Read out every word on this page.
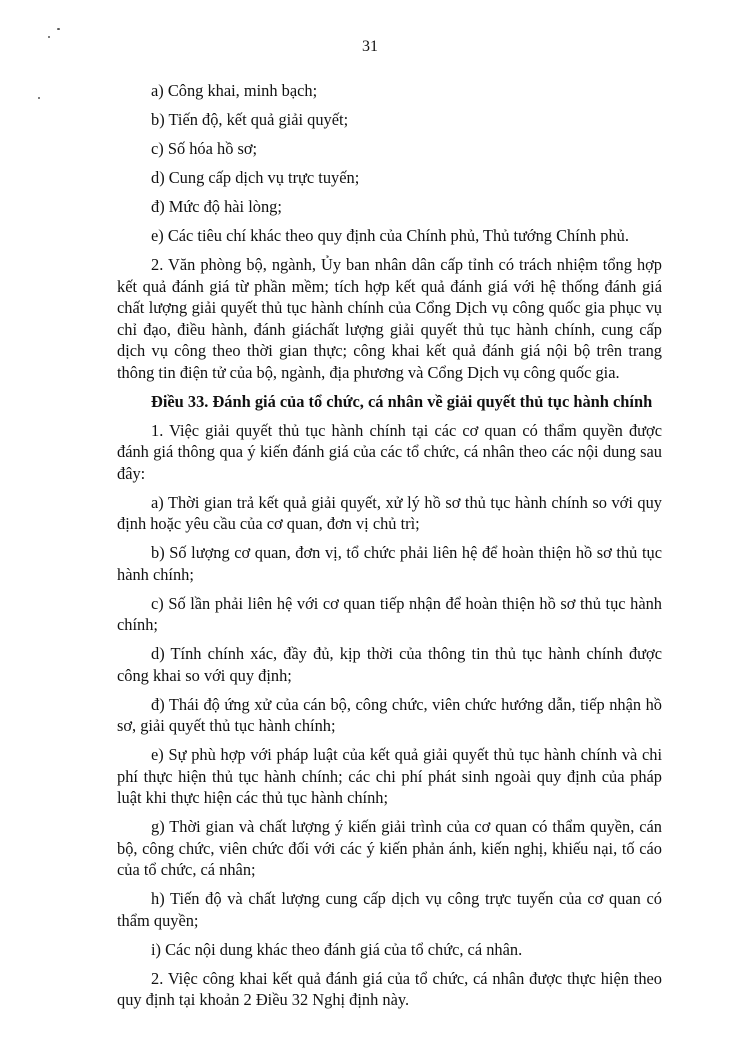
31

a) Công khai, minh bạch;

b) Tiến độ, kết quả giải quyết;

c) Số hóa hồ sơ;

d) Cung cấp dịch vụ trực tuyến;

đ) Mức độ hài lòng;

e) Các tiêu chí khác theo quy định của Chính phủ, Thủ tướng Chính phủ.

2. Văn phòng bộ, ngành, Ủy ban nhân dân cấp tỉnh có trách nhiệm tổng hợp kết quả đánh giá từ phần mềm; tích hợp kết quả đánh giá với hệ thống đánh giá chất lượng giải quyết thủ tục hành chính của Cổng Dịch vụ công quốc gia phục vụ chỉ đạo, điều hành, đánh giáchất lượng giải quyết thủ tục hành chính, cung cấp dịch vụ công theo thời gian thực; công khai kết quả đánh giá nội bộ trên trang thông tin điện tử của bộ, ngành, địa phương và Cổng Dịch vụ công quốc gia.

Điều 33. Đánh giá của tổ chức, cá nhân về giải quyết thủ tục hành chính

1. Việc giải quyết thủ tục hành chính tại các cơ quan có thẩm quyền được đánh giá thông qua ý kiến đánh giá của các tổ chức, cá nhân theo các nội dung sau đây:

a) Thời gian trả kết quả giải quyết, xử lý hồ sơ thủ tục hành chính so với quy định hoặc yêu cầu của cơ quan, đơn vị chủ trì;

b) Số lượng cơ quan, đơn vị, tổ chức phải liên hệ để hoàn thiện hồ sơ thủ tục hành chính;

c) Số lần phải liên hệ với cơ quan tiếp nhận để hoàn thiện hồ sơ thủ tục hành chính;

d) Tính chính xác, đầy đủ, kịp thời của thông tin thủ tục hành chính được công khai so với quy định;

đ) Thái độ ứng xử của cán bộ, công chức, viên chức hướng dẫn, tiếp nhận hồ sơ, giải quyết thủ tục hành chính;

e) Sự phù hợp với pháp luật của kết quả giải quyết thủ tục hành chính và chi phí thực hiện thủ tục hành chính; các chi phí phát sinh ngoài quy định của pháp luật khi thực hiện các thủ tục hành chính;

g) Thời gian và chất lượng ý kiến giải trình của cơ quan có thẩm quyền, cán bộ, công chức, viên chức đối với các ý kiến phản ánh, kiến nghị, khiếu nại, tố cáo của tổ chức, cá nhân;

h) Tiến độ và chất lượng cung cấp dịch vụ công trực tuyến của cơ quan có thẩm quyền;

i) Các nội dung khác theo đánh giá của tổ chức, cá nhân.

2. Việc công khai kết quả đánh giá của tổ chức, cá nhân được thực hiện theo quy định tại khoản 2 Điều 32 Nghị định này.
